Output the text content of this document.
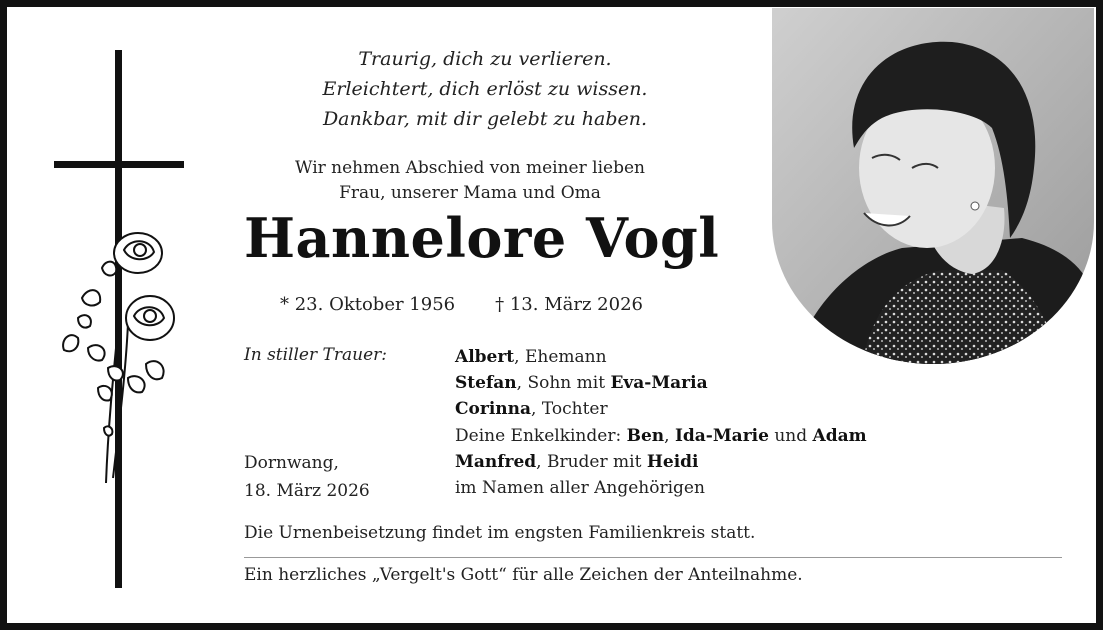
Traurig, dich zu verlieren.
Erleichtert, dich erlöst zu wissen.
Dankbar, mit dir gelebt zu haben.
Wir nehmen Abschied von meiner lieben
Frau, unserer Mama und Oma
Hannelore Vogl
* 23. Oktober 1956 † 13. März 2026
In stiller Trauer:	Albert, Ehemann
Stefan, Sohn mit Eva-Maria
Corinna, Tochter
Deine Enkelkinder: Ben, Ida-Marie und Adam
Manfred, Bruder mit Heidi
im Namen aller Angehörigen
Dornwang,
18. März 2026
Die Urnenbeisetzung findet im engsten Familienkreis statt.
Ein herzliches „Vergelt's Gott“ für alle Zeichen der Anteilnahme.
